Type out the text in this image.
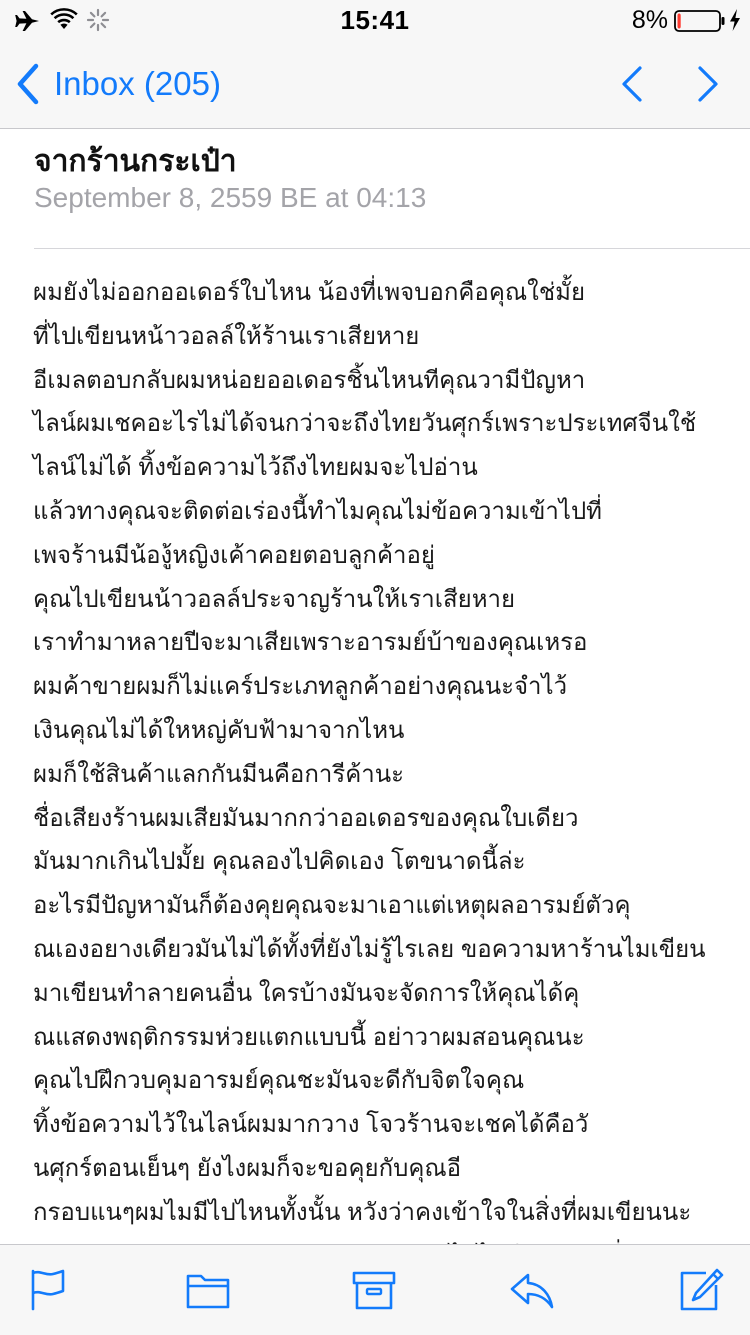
15:41	8%
Inbox (205)
จากร้านกระเป๋า
September 8, 2559 BE at 04:13
ผมยังไม่ออกออเดอร์ใบไหน น้องที่เพจบอกคือคุณใช่มั้ย
ที่ไปเขียนหน้าวอลล์ให้ร้านเราเสียหาย
อีเมลตอบกลับผมหน่อยออเดอรชิ้นไหนทีคุณวามีปัญหา
ไลน์ผมเชคอะไรไม่ได้จนกว่าจะถึงไทยวันศุกร์เพราะประเทศจีนใช้
ไลน์ไม่ได้ ทิ้งข้อความไว้ถึงไทยผมจะไปอ่าน
แล้วทางคุณจะติดต่อเร่องนี้ทำไมคุณไม่ข้อความเข้าไปที่
เพจร้านมีน้องู้หญิงเค้าคอยตอบลูกค้าอยู่
คุณไปเขียนน้าวอลล์ประจาญร้านให้เราเสียหาย
เราทำมาหลายปีจะมาเสียเพราะอารมย์บ้าของคุณเหรอ
ผมค้าขายผมก็ไม่แคร์ประเภทลูกค้าอย่างคุณนะจำไว้
เงินคุณไม่ได้ใหหญ่คับฟ้ามาจากไหน
ผมก็ใช้สินค้าแลกกันมีนคือการีค้านะ
ชื่อเสียงร้านผมเสียมันมากกว่าออเดอรของคุณใบเดียว
มันมากเกินไปมั้ย คุณลองไปคิดเอง โตขนาดนี้ล่ะ
อะไรมีปัญหามันก็ต้องคุยคุณจะมาเอาแต่เหตุผลอารมย์ตัวคุ
ณเองอยางเดียวมันไม่ได้ทั้งที่ยังไม่รู้ไรเลย ขอความหาร้านไมเขียน
มาเขียนทำลายคนอื่น ใครบ้างมันจะจัดการให้คุณได้คุ
ณแสดงพฤติกรรมห่วยแตกแบบนี้ อย่าวาผมสอนคุณนะ
คุณไปฝึกวบคุมอารมย์คุณชะมันจะดีกับจิตใจคุณ
ทิ้งข้อความไว้ในไลน์ผมมากวาง โจวร้านจะเชคได้คือวั
นศุกร์ตอนเย็นๆ ยังไงผมก็จะขอคุยกับคุณอี
กรอบแนๆผมไมมีไปไหนทั้งนั้น หวังว่าคงเข้าใจในสิ่งที่ผมเขียนนะ
